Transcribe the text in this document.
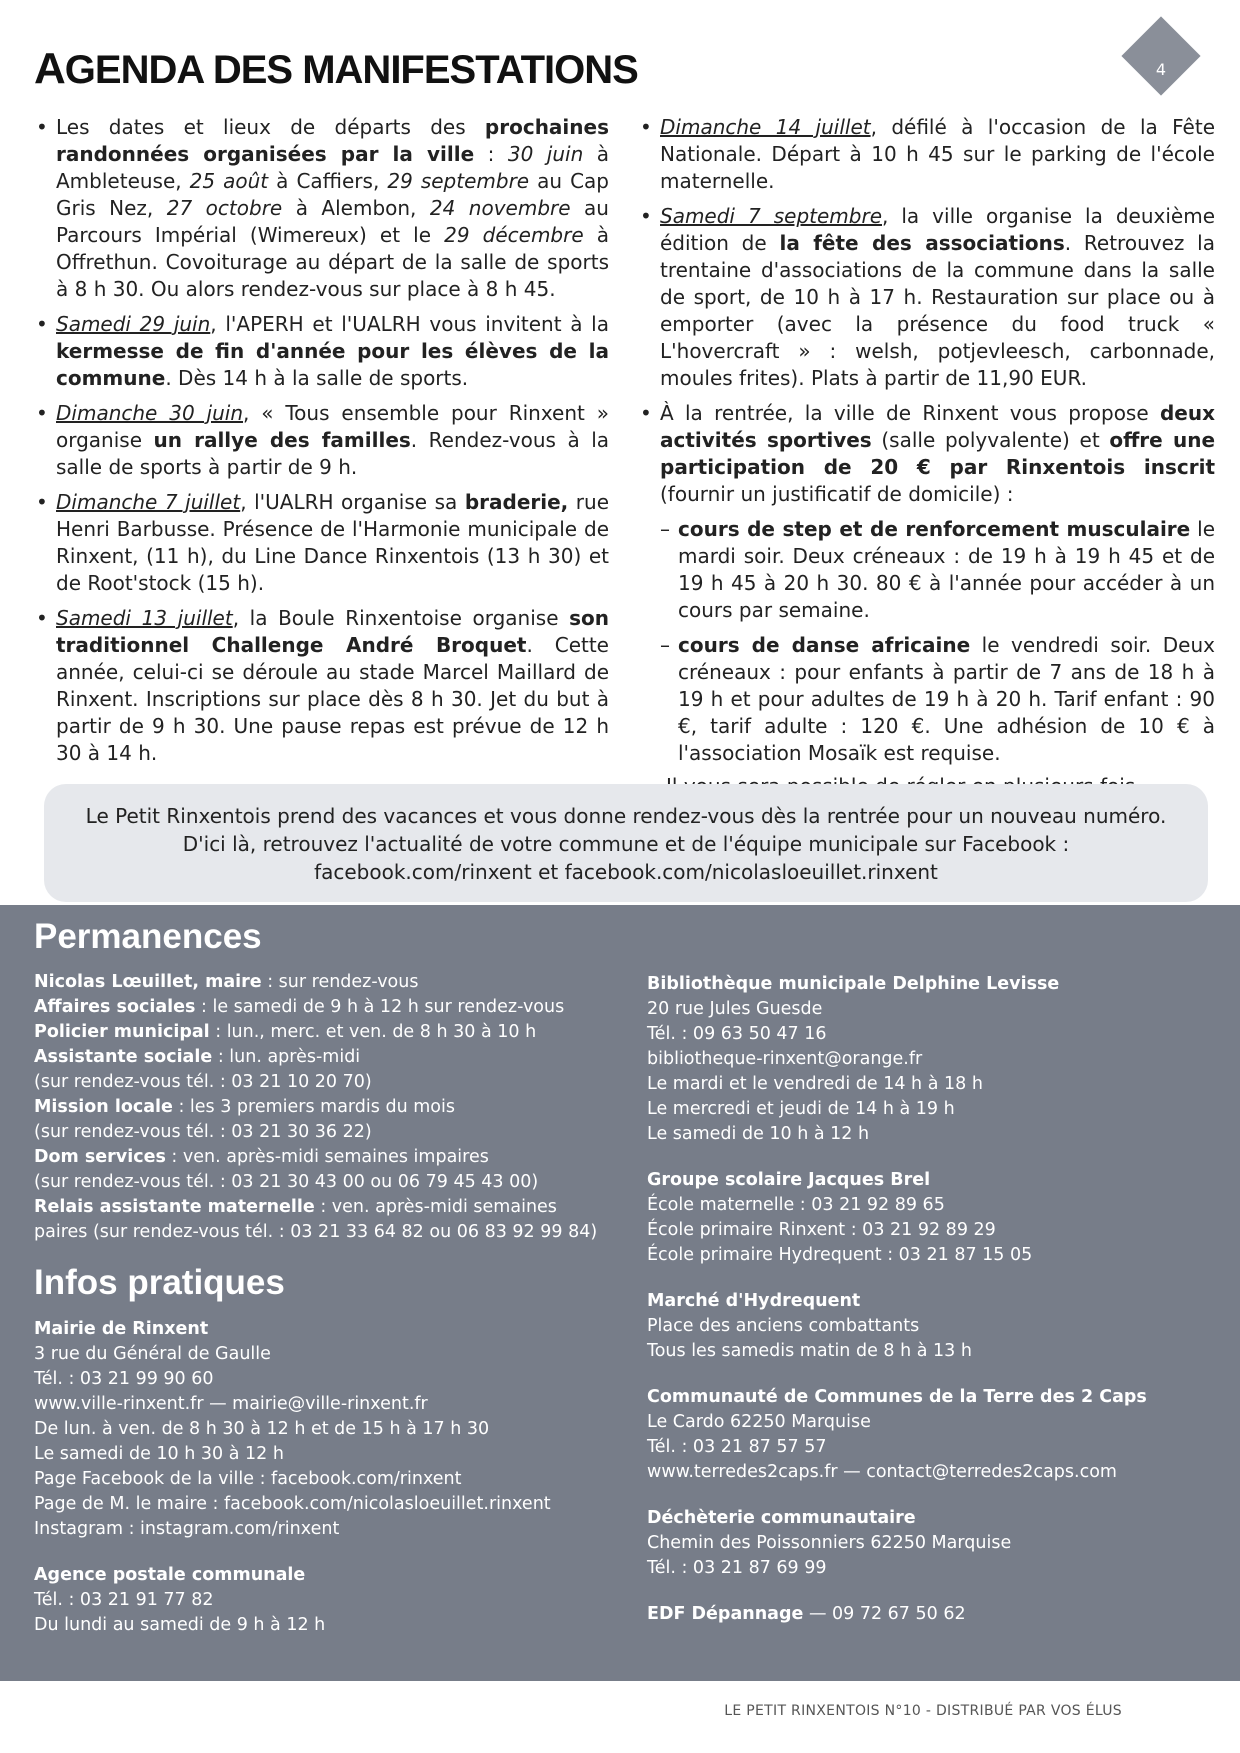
AGENDA DES MANIFESTATIONS	4
• Les dates et lieux de départs des prochaines randonnées organisées par la ville : 30 juin à Ambleteuse, 25 août à Caffiers, 29 septembre au Cap Gris Nez, 27 octobre à Alembon, 24 novembre au Parcours Impérial (Wimereux) et le 29 décembre à Offrethun. Covoiturage au départ de la salle de sports à 8 h 30. Ou alors rendez-vous sur place à 8 h 45.
• Samedi 29 juin, l'APERH et l'UALRH vous invitent à la kermesse de fin d'année pour les élèves de la commune. Dès 14 h à la salle de sports.
• Dimanche 30 juin, « Tous ensemble pour Rinxent » organise un rallye des familles. Rendez-vous à la salle de sports à partir de 9 h.
• Dimanche 7 juillet, l'UALRH organise sa braderie, rue Henri Barbusse. Présence de l'Harmonie municipale de Rinxent, (11 h), du Line Dance Rinxentois (13 h 30) et de Root'stock (15 h).
• Samedi 13 juillet, la Boule Rinxentoise organise son traditionnel Challenge André Broquet. Cette année, celui-ci se déroule au stade Marcel Maillard de Rinxent. Inscriptions sur place dès 8 h 30. Jet du but à partir de 9 h 30. Une pause repas est prévue de 12 h 30 à 14 h.
• Dimanche 14 juillet, défilé à l'occasion de la Fête Nationale. Départ à 10 h 45 sur le parking de l'école maternelle.
• Samedi 7 septembre, la ville organise la deuxième édition de la fête des associations. Retrouvez la trentaine d'associations de la commune dans la salle de sport, de 10 h à 17 h. Restauration sur place ou à emporter (avec la présence du food truck « L'hovercraft » : welsh, potjevleesch, carbonnade, moules frites). Plats à partir de 11,90 EUR.
• À la rentrée, la ville de Rinxent vous propose deux activités sportives (salle polyvalente) et offre une participation de 20 € par Rinxentois inscrit (fournir un justificatif de domicile) :
– cours de step et de renforcement musculaire le mardi soir. Deux créneaux : de 19 h à 19 h 45 et de 19 h 45 à 20 h 30. 80 € à l'année pour accéder à un cours par semaine.
– cours de danse africaine le vendredi soir. Deux créneaux : pour enfants à partir de 7 ans de 18 h à 19 h et pour adultes de 19 h à 20 h. Tarif enfant : 90 €, tarif adulte : 120 €. Une adhésion de 10 € à l'association Mosaïk est requise.
Le Petit Rinxentois prend des vacances et vous donne rendez-vous dès la rentrée pour un nouveau numéro.
D'ici là, retrouvez l'actualité de votre commune et de l'équipe municipale sur Facebook :
facebook.com/rinxent et facebook.com/nicolasloeuillet.rinxent
Permanences

Nicolas Lœuillet, maire : sur rendez-vous

Affaires sociales : le samedi de 9 h à 12 h sur rendez-vous

Policier municipal : lun., merc. et ven. de 8 h 30 à 10 h

Assistante sociale : lun. après-midi

(sur rendez-vous tél. : 03 21 10 20 70)

Mission locale : les 3 premiers mardis du mois

(sur rendez-vous tél. : 03 21 30 36 22)

Dom services : ven. après-midi semaines impaires

(sur rendez-vous tél. : 03 21 30 43 00 ou 06 79 45 43 00)

Relais assistante maternelle : ven. après-midi semaines

paires (sur rendez-vous tél. : 03 21 33 64 82 ou 06 83 92 99 84)

Infos pratiques

Mairie de Rinxent

3 rue du Général de Gaulle

Tél. : 03 21 99 90 60

www.ville-rinxent.fr — mairie@ville-rinxent.fr

De lun. à ven. de 8 h 30 à 12 h et de 15 h à 17 h 30

Le samedi de 10 h 30 à 12 h

Page Facebook de la ville : facebook.com/rinxent

Page de M. le maire : facebook.com/nicolasloeuillet.rinxent

Instagram : instagram.com/rinxent

Agence postale communale

Tél. : 03 21 91 77 82

Du lundi au samedi de 9 h à 12 h

Bibliothèque municipale Delphine Levisse

20 rue Jules Guesde

Tél. : 09 63 50 47 16

bibliotheque-rinxent@orange.fr

Le mardi et le vendredi de 14 h à 18 h

Le mercredi et jeudi de 14 h à 19 h

Le samedi de 10 h à 12 h

Groupe scolaire Jacques Brel

École maternelle : 03 21 92 89 65

École primaire Rinxent : 03 21 92 89 29

École primaire Hydrequent : 03 21 87 15 05

Marché d'Hydrequent

Place des anciens combattants

Tous les samedis matin de 8 h à 13 h

Communauté de Communes de la Terre des 2 Caps

Le Cardo 62250 Marquise

Tél. : 03 21 87 57 57

www.terredes2caps.fr — contact@terredes2caps.com

Déchèterie communautaire

Chemin des Poissonniers 62250 Marquise

Tél. : 03 21 87 69 99

EDF Dépannage — 09 72 67 50 62

LE PETIT RINXENTOIS N°10 - DISTRIBUÉ PAR VOS ÉLUS
